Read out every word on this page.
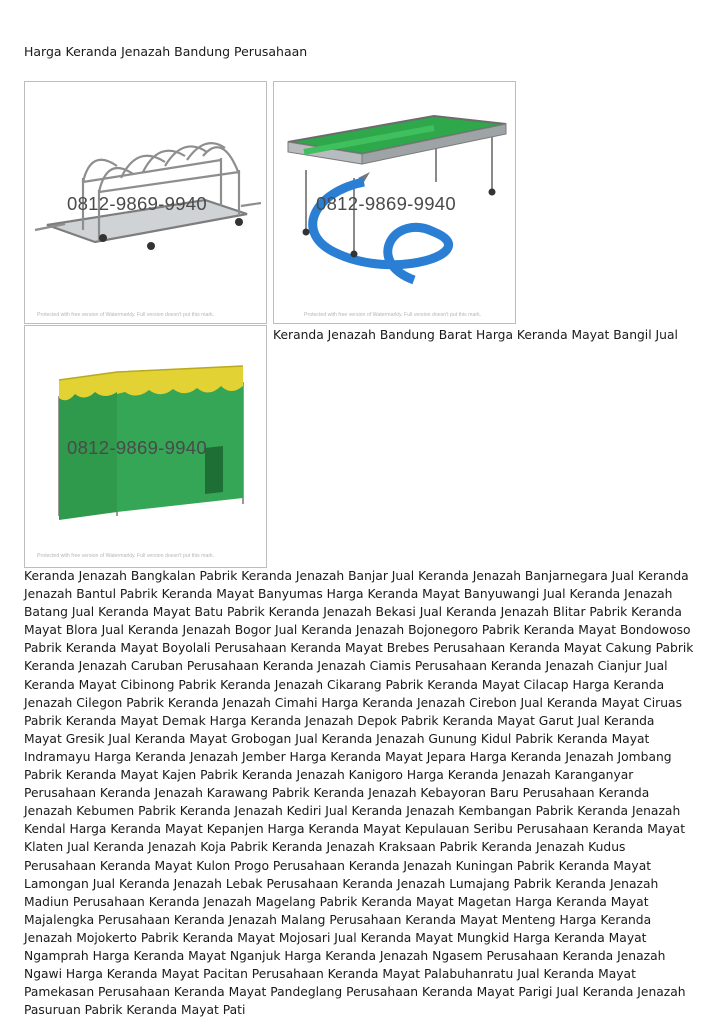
Harga Keranda Jenazah Bandung Perusahaan
0812-9869-9940
Protected with free version of Watermarkly. Full version doesn't put this mark.
0812-9869-9940
Protected with free version of Watermarkly. Full version doesn't put this mark.
Keranda Jenazah Bandung Barat Harga Keranda Mayat Bangil Jual
0812-9869-9940
Protected with free version of Watermarkly. Full version doesn't put this mark.

Keranda Jenazah Bangkalan Pabrik Keranda Jenazah Banjar Jual Keranda Jenazah Banjarnegara Jual Keranda Jenazah Bantul Pabrik Keranda Mayat Banyumas Harga Keranda Mayat Banyuwangi Jual Keranda Jenazah Batang Jual Keranda Mayat Batu Pabrik Keranda Jenazah Bekasi Jual Keranda Jenazah Blitar Pabrik Keranda Mayat Blora Jual Keranda Jenazah Bogor Jual Keranda Jenazah Bojonegoro Pabrik Keranda Mayat Bondowoso Pabrik Keranda Mayat Boyolali Perusahaan Keranda Mayat Brebes Perusahaan Keranda Mayat Cakung Pabrik Keranda Jenazah Caruban Perusahaan Keranda Jenazah Ciamis Perusahaan Keranda Jenazah Cianjur Jual Keranda Mayat Cibinong Pabrik Keranda Jenazah Cikarang Pabrik Keranda Mayat Cilacap Harga Keranda Jenazah Cilegon Pabrik Keranda Jenazah Cimahi Harga Keranda Jenazah Cirebon Jual Keranda Mayat Ciruas Pabrik Keranda Mayat Demak Harga Keranda Jenazah Depok Pabrik Keranda Mayat Garut Jual Keranda Mayat Gresik Jual Keranda Mayat Grobogan Jual Keranda Jenazah Gunung Kidul Pabrik Keranda Mayat Indramayu Harga Keranda Jenazah Jember Harga Keranda Mayat Jepara Harga Keranda Jenazah Jombang Pabrik Keranda Mayat Kajen Pabrik Keranda Jenazah Kanigoro Harga Keranda Jenazah Karanganyar Perusahaan Keranda Jenazah Karawang Pabrik Keranda Jenazah Kebayoran Baru Perusahaan Keranda Jenazah Kebumen Pabrik Keranda Jenazah Kediri Jual Keranda Jenazah Kembangan Pabrik Keranda Jenazah Kendal Harga Keranda Mayat Kepanjen Harga Keranda Mayat Kepulauan Seribu Perusahaan Keranda Mayat Klaten Jual Keranda Jenazah Koja Pabrik Keranda Jenazah Kraksaan Pabrik Keranda Jenazah Kudus Perusahaan Keranda Mayat Kulon Progo Perusahaan Keranda Jenazah Kuningan Pabrik Keranda Mayat Lamongan Jual Keranda Jenazah Lebak Perusahaan Keranda Jenazah Lumajang Pabrik Keranda Jenazah Madiun Perusahaan Keranda Jenazah Magelang Pabrik Keranda Mayat Magetan Harga Keranda Mayat Majalengka Perusahaan Keranda Jenazah Malang Perusahaan Keranda Mayat Menteng Harga Keranda Jenazah Mojokerto Pabrik Keranda Mayat Mojosari Jual Keranda Mayat Mungkid Harga Keranda Mayat Ngamprah Harga Keranda Mayat Nganjuk Harga Keranda Jenazah Ngasem Perusahaan Keranda Jenazah Ngawi Harga Keranda Mayat Pacitan Perusahaan Keranda Mayat Palabuhanratu Jual Keranda Mayat Pamekasan Perusahaan Keranda Mayat Pandeglang Perusahaan Keranda Mayat Parigi Jual Keranda Jenazah Pasuruan Pabrik Keranda Mayat Pati
